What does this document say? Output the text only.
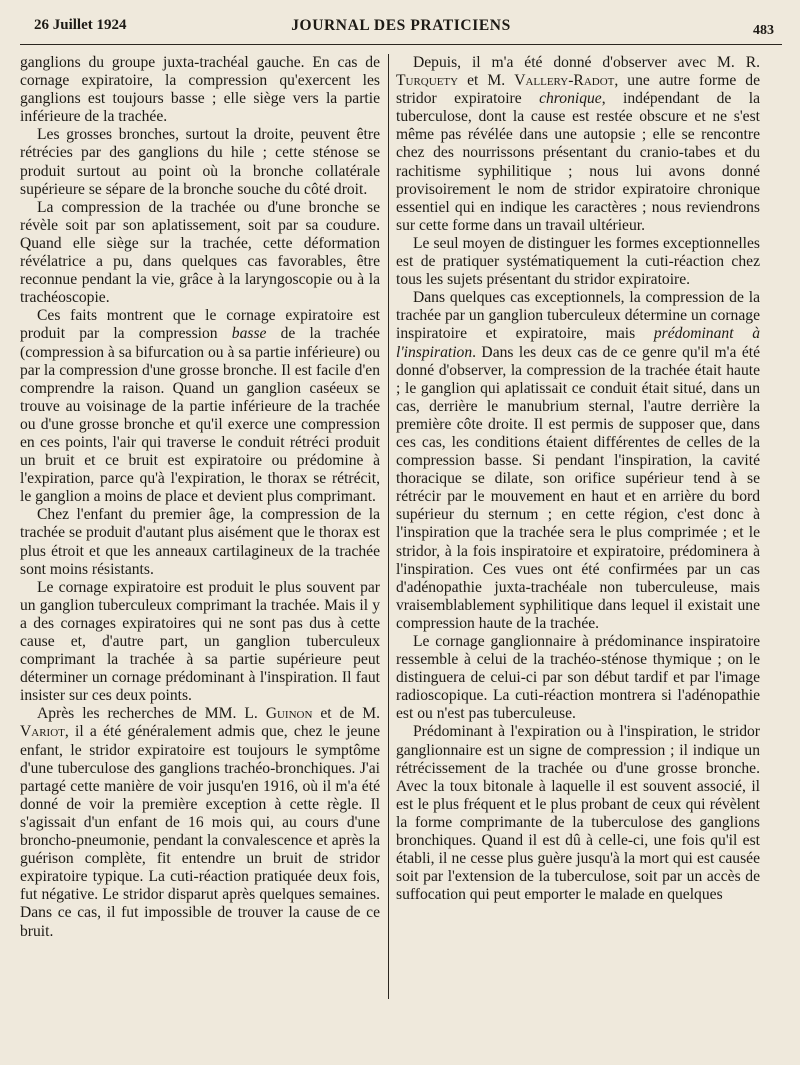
26 Juillet 1924	JOURNAL DES PRATICIENS	483

ganglions du groupe juxta-trachéal gauche. En cas de cornage expiratoire, la compression qu'exercent les ganglions est toujours basse ; elle siège vers la partie inférieure de la trachée.

Les grosses bronches, surtout la droite, peuvent être rétrécies par des ganglions du hile ; cette sténose se produit surtout au point où la bronche collatérale supérieure se sépare de la bronche souche du côté droit.

La compression de la trachée ou d'une bronche se révèle soit par son aplatissement, soit par sa coudure. Quand elle siège sur la trachée, cette déformation révélatrice a pu, dans quelques cas favorables, être reconnue pendant la vie, grâce à la laryngoscopie ou à la trachéoscopie.

Ces faits montrent que le cornage expiratoire est produit par la compression basse de la trachée (compression à sa bifurcation ou à sa partie inférieure) ou par la compression d'une grosse bronche. Il est facile d'en comprendre la raison. Quand un ganglion caséeux se trouve au voisinage de la partie inférieure de la trachée ou d'une grosse bronche et qu'il exerce une compression en ces points, l'air qui traverse le conduit rétréci produit un bruit et ce bruit est expiratoire ou prédomine à l'expiration, parce qu'à l'expiration, le thorax se rétrécit, le ganglion a moins de place et devient plus comprimant.

Chez l'enfant du premier âge, la compression de la trachée se produit d'autant plus aisément que le thorax est plus étroit et que les anneaux cartilagineux de la trachée sont moins résistants.

Le cornage expiratoire est produit le plus souvent par un ganglion tuberculeux comprimant la trachée. Mais il y a des cornages expiratoires qui ne sont pas dus à cette cause et, d'autre part, un ganglion tuberculeux comprimant la trachée à sa partie supérieure peut déterminer un cornage prédominant à l'inspiration. Il faut insister sur ces deux points.

Après les recherches de MM. L. Guinon et de M. Variot, il a été généralement admis que, chez le jeune enfant, le stridor expiratoire est toujours le symptôme d'une tuberculose des ganglions trachéo-bronchiques. J'ai partagé cette manière de voir jusqu'en 1916, où il m'a été donné de voir la première exception à cette règle. Il s'agissait d'un enfant de 16 mois qui, au cours d'une broncho-pneumonie, pendant la convalescence et après la guérison complète, fit entendre un bruit de stridor expiratoire typique. La cuti-réaction pratiquée deux fois, fut négative. Le stridor disparut après quelques semaines. Dans ce cas, il fut impossible de trouver la cause de ce bruit.

Depuis, il m'a été donné d'observer avec M. R. Turquety et M. Vallery-Radot, une autre forme de stridor expiratoire chronique, indépendant de la tuberculose, dont la cause est restée obscure et ne s'est même pas révélée dans une autopsie ; elle se rencontre chez des nourrissons présentant du cranio-tabes et du rachitisme syphilitique ; nous lui avons donné provisoirement le nom de stridor expiratoire chronique essentiel qui en indique les caractères ; nous reviendrons sur cette forme dans un travail ultérieur.

Le seul moyen de distinguer les formes exceptionnelles est de pratiquer systématiquement la cuti-réaction chez tous les sujets présentant du stridor expiratoire.

Dans quelques cas exceptionnels, la compression de la trachée par un ganglion tuberculeux détermine un cornage inspiratoire et expiratoire, mais prédominant à l'inspiration. Dans les deux cas de ce genre qu'il m'a été donné d'observer, la compression de la trachée était haute ; le ganglion qui aplatissait ce conduit était situé, dans un cas, derrière le manubrium sternal, l'autre derrière la première côte droite. Il est permis de supposer que, dans ces cas, les conditions étaient différentes de celles de la compression basse. Si pendant l'inspiration, la cavité thoracique se dilate, son orifice supérieur tend à se rétrécir par le mouvement en haut et en arrière du bord supérieur du sternum ; en cette région, c'est donc à l'inspiration que la trachée sera le plus comprimée ; et le stridor, à la fois inspiratoire et expiratoire, prédominera à l'inspiration. Ces vues ont été confirmées par un cas d'adénopathie juxta-trachéale non tuberculeuse, mais vraisemblablement syphilitique dans lequel il existait une compression haute de la trachée.

Le cornage ganglionnaire à prédominance inspiratoire ressemble à celui de la trachéo-sténose thymique ; on le distinguera de celui-ci par son début tardif et par l'image radioscopique. La cuti-réaction montrera si l'adénopathie est ou n'est pas tuberculeuse.

Prédominant à l'expiration ou à l'inspiration, le stridor ganglionnaire est un signe de compression ; il indique un rétrécissement de la trachée ou d'une grosse bronche. Avec la toux bitonale à laquelle il est souvent associé, il est le plus fréquent et le plus probant de ceux qui révèlent la forme comprimante de la tuberculose des ganglions bronchiques. Quand il est dû à celle-ci, une fois qu'il est établi, il ne cesse plus guère jusqu'à la mort qui est causée soit par l'extension de la tuberculose, soit par un accès de suffocation qui peut emporter le malade en quelques
